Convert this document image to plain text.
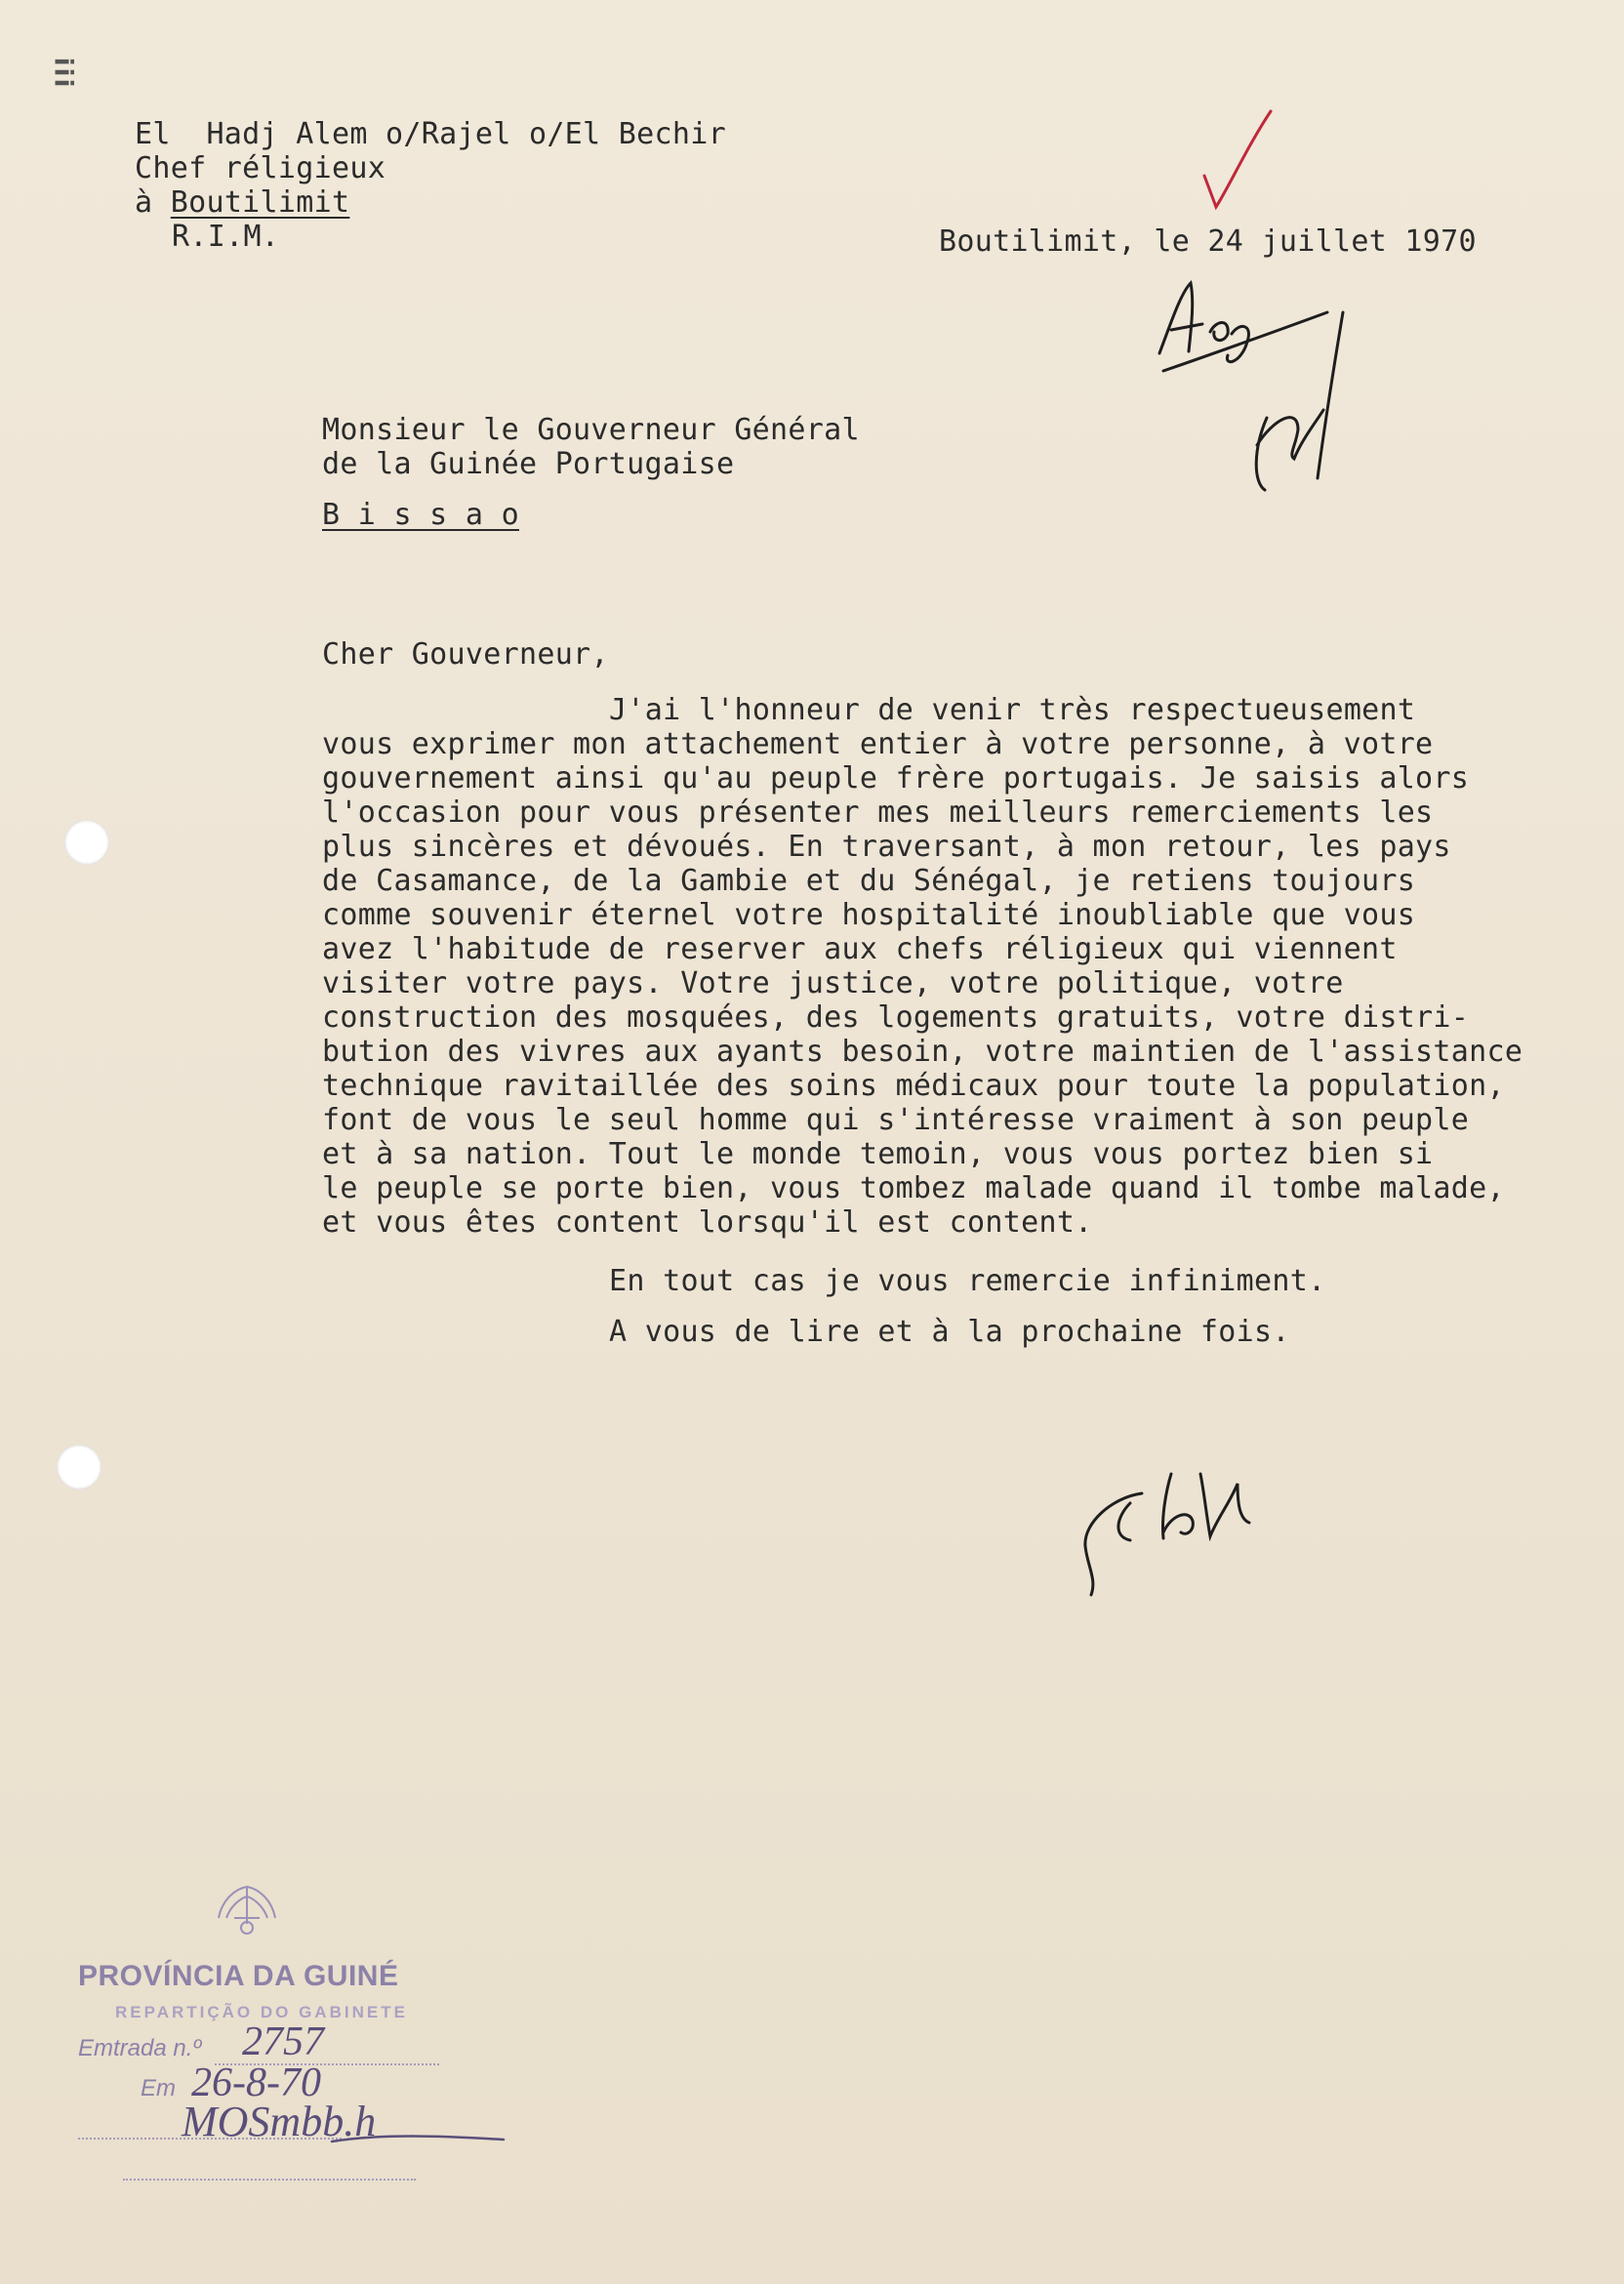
iii
El  Hadj Alem o/Rajel o/El Bechir
Chef réligieux
à Boutilimit
R.I.M.	Boutilimit, le 24 juillet 1970
Monsieur le Gouverneur Général
de la Guinée Portugaise
B i s s a o
Cher Gouverneur,
J'ai l'honneur de venir très respectueusement
vous exprimer mon attachement entier à votre personne, à votre
gouvernement ainsi qu'au peuple frère portugais. Je saisis alors
l'occasion pour vous présenter mes meilleurs remerciements les
plus sincères et dévoués. En traversant, à mon retour, les pays
de Casamance, de la Gambie et du Sénégal, je retiens toujours
comme souvenir éternel votre hospitalité inoubliable que vous
avez l'habitude de reserver aux chefs réligieux qui viennent
visiter votre pays. Votre justice, votre politique, votre
construction des mosquées, des logements gratuits, votre distri-
bution des vivres aux ayants besoin, votre maintien de l'assistance
technique ravitaillée des soins médicaux pour toute la population,
font de vous le seul homme qui s'intéresse vraiment à son peuple
et à sa nation. Tout le monde temoin, vous vous portez bien si
le peuple se porte bien, vous tombez malade quand il tombe malade,
et vous êtes content lorsqu'il est content.
En tout cas je vous remercie infiniment.
A vous de lire et à la prochaine fois.
PROVÍNCIA DA GUINÉ
REPARTIÇÃO DO GABINETE
Emtrada n.º 2757
Em 26-8-70
MOSmbb.h
